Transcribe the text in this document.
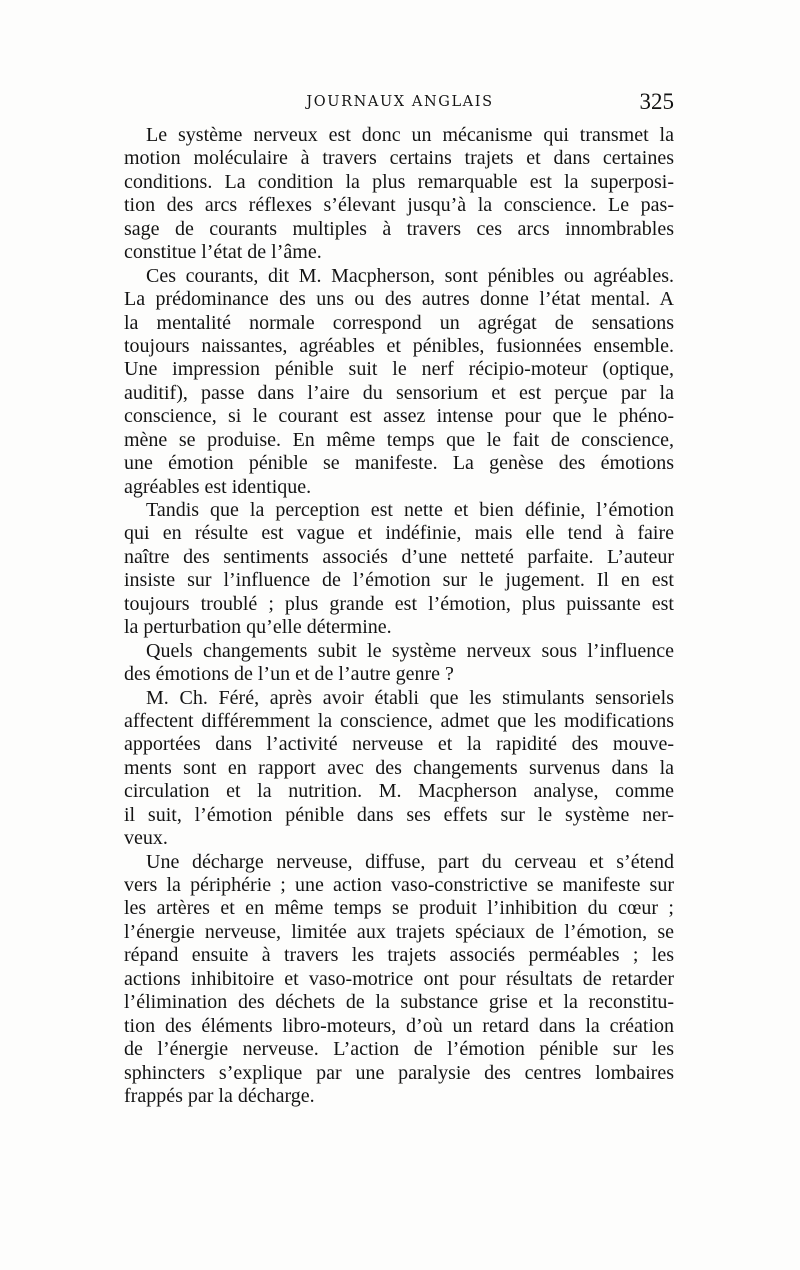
JOURNAUX ANGLAIS	325
Le système nerveux est donc un mécanisme qui transmet la
motion moléculaire à travers certains trajets et dans certaines
conditions. La condition la plus remarquable est la superposi-
tion des arcs réflexes s’élevant jusqu’à la conscience. Le pas-
sage de courants multiples à travers ces arcs innombrables
constitue l’état de l’âme.
Ces courants, dit M. Macpherson, sont pénibles ou agréables.
La prédominance des uns ou des autres donne l’état mental. A
la mentalité normale correspond un agrégat de sensations
toujours naissantes, agréables et pénibles, fusionnées ensemble.
Une impression pénible suit le nerf récipio-moteur (optique,
auditif), passe dans l’aire du sensorium et est perçue par la
conscience, si le courant est assez intense pour que le phéno-
mène se produise. En même temps que le fait de conscience,
une émotion pénible se manifeste. La genèse des émotions
agréables est identique.
Tandis que la perception est nette et bien définie, l’émotion
qui en résulte est vague et indéfinie, mais elle tend à faire
naître des sentiments associés d’une netteté parfaite. L’auteur
insiste sur l’influence de l’émotion sur le jugement. Il en est
toujours troublé ; plus grande est l’émotion, plus puissante est
la perturbation qu’elle détermine.
Quels changements subit le système nerveux sous l’influence
des émotions de l’un et de l’autre genre ?
M. Ch. Féré, après avoir établi que les stimulants sensoriels
affectent différemment la conscience, admet que les modifications
apportées dans l’activité nerveuse et la rapidité des mouve-
ments sont en rapport avec des changements survenus dans la
circulation et la nutrition. M. Macpherson analyse, comme
il suit, l’émotion pénible dans ses effets sur le système ner-
veux.
Une décharge nerveuse, diffuse, part du cerveau et s’étend
vers la périphérie ; une action vaso-constrictive se manifeste sur
les artères et en même temps se produit l’inhibition du cœur ;
l’énergie nerveuse, limitée aux trajets spéciaux de l’émotion, se
répand ensuite à travers les trajets associés perméables ; les
actions inhibitoire et vaso-motrice ont pour résultats de retarder
l’élimination des déchets de la substance grise et la reconstitu-
tion des éléments libro-moteurs, d’où un retard dans la création
de l’énergie nerveuse. L’action de l’émotion pénible sur les
sphincters s’explique par une paralysie des centres lombaires
frappés par la décharge.
